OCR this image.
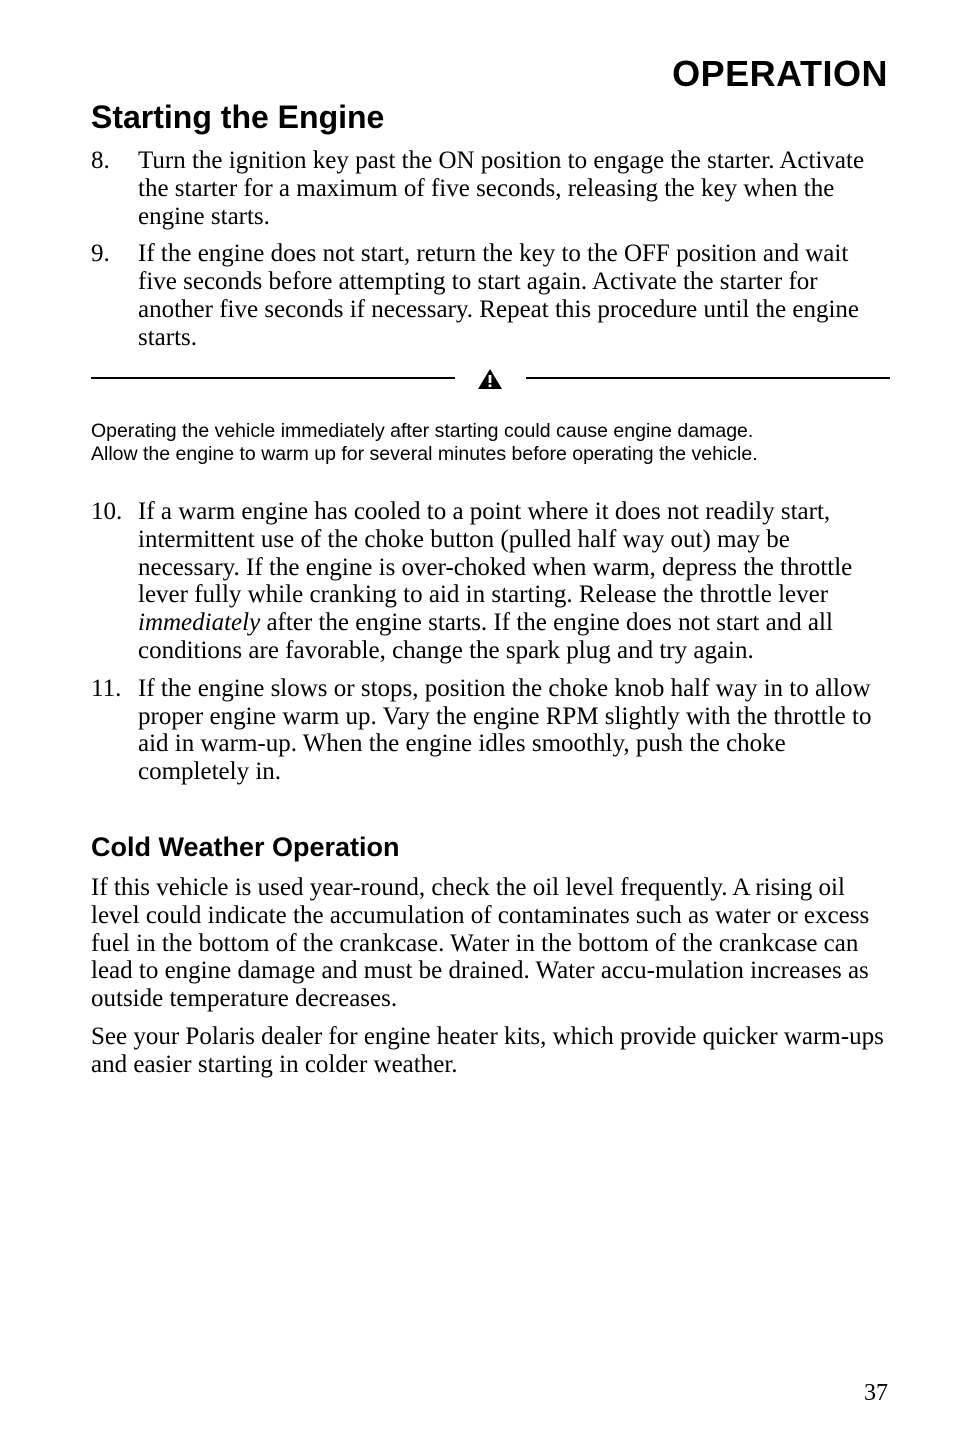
OPERATION
Starting the Engine
8. Turn the ignition key past the ON position to engage the starter. Activate the starter for a maximum of five seconds, releasing the key when the engine starts.
9. If the engine does not start, return the key to the OFF position and wait five seconds before attempting to start again. Activate the starter for another five seconds if necessary. Repeat this procedure until the engine starts.

Operating the vehicle immediately after starting could cause engine damage.
Allow the engine to warm up for several minutes before operating the vehicle.

10. If a warm engine has cooled to a point where it does not readily start, intermittent use of the choke button (pulled half way out) may be necessary. If the engine is over-choked when warm, depress the throttle lever fully while cranking to aid in starting. Release the throttle lever immediately after the engine starts. If the engine does not start and all conditions are favorable, change the spark plug and try again.
11. If the engine slows or stops, position the choke knob half way in to allow proper engine warm up. Vary the engine RPM slightly with the throttle to aid in warm-up. When the engine idles smoothly, push the choke completely in.
Cold Weather Operation

If this vehicle is used year-round, check the oil level frequently. A rising oil level could indicate the accumulation of contaminates such as water or excess fuel in the bottom of the crankcase. Water in the bottom of the crankcase can lead to engine damage and must be drained. Water accu-mulation increases as outside temperature decreases.

See your Polaris dealer for engine heater kits, which provide quicker warm-ups and easier starting in colder weather.

37
